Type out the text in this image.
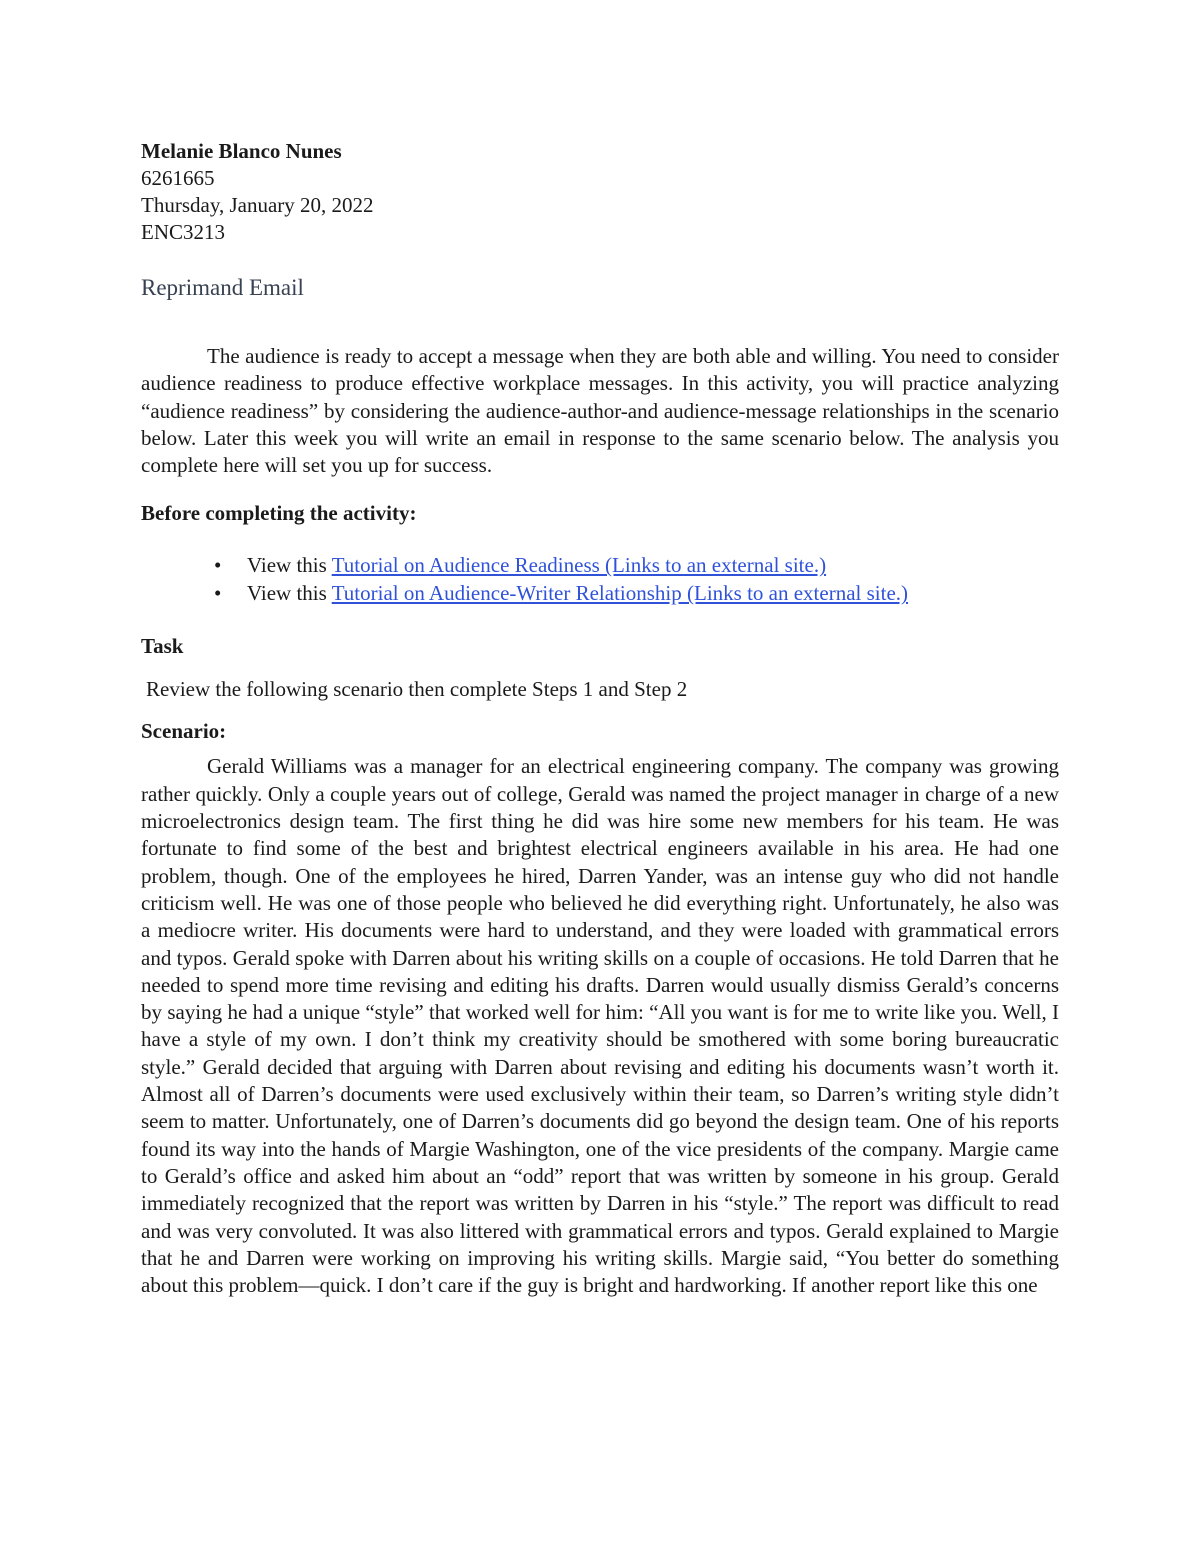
Melanie Blanco Nunes
6261665
Thursday, January 20, 2022
ENC3213
Reprimand Email

The audience is ready to accept a message when they are both able and willing. You need to consider audience readiness to produce effective workplace messages. In this activity, you will practice analyzing “audience readiness” by considering the audience-author-and audience-message relationships in the scenario below. Later this week you will write an email in response to the same scenario below. The analysis you complete here will set you up for success.

Before completing the activity:
• View this Tutorial on Audience Readiness (Links to an external site.)
• View this Tutorial on Audience-Writer Relationship (Links to an external site.)
Task
Review the following scenario then complete Steps 1 and Step 2
Scenario:

Gerald Williams was a manager for an electrical engineering company. The company was growing rather quickly. Only a couple years out of college, Gerald was named the project manager in charge of a new microelectronics design team. The first thing he did was hire some new members for his team. He was fortunate to find some of the best and brightest electrical engineers available in his area. He had one problem, though. One of the employees he hired, Darren Yander, was an intense guy who did not handle criticism well. He was one of those people who believed he did everything right. Unfortunately, he also was a mediocre writer. His documents were hard to understand, and they were loaded with grammatical errors and typos. Gerald spoke with Darren about his writing skills on a couple of occasions. He told Darren that he needed to spend more time revising and editing his drafts. Darren would usually dismiss Gerald’s concerns by saying he had a unique “style” that worked well for him: “All you want is for me to write like you. Well, I have a style of my own. I don’t think my creativity should be smothered with some boring bureaucratic style.” Gerald decided that arguing with Darren about revising and editing his documents wasn’t worth it. Almost all of Darren’s documents were used exclusively within their team, so Darren’s writing style didn’t seem to matter. Unfortunately, one of Darren’s documents did go beyond the design team. One of his reports found its way into the hands of Margie Washington, one of the vice presidents of the company. Margie came to Gerald’s office and asked him about an “odd” report that was written by someone in his group. Gerald immediately recognized that the report was written by Darren in his “style.” The report was difficult to read and was very convoluted. It was also littered with grammatical errors and typos. Gerald explained to Margie that he and Darren were working on improving his writing skills. Margie said, “You better do something about this problem—quick. I don’t care if the guy is bright and hardworking. If another report like this one
